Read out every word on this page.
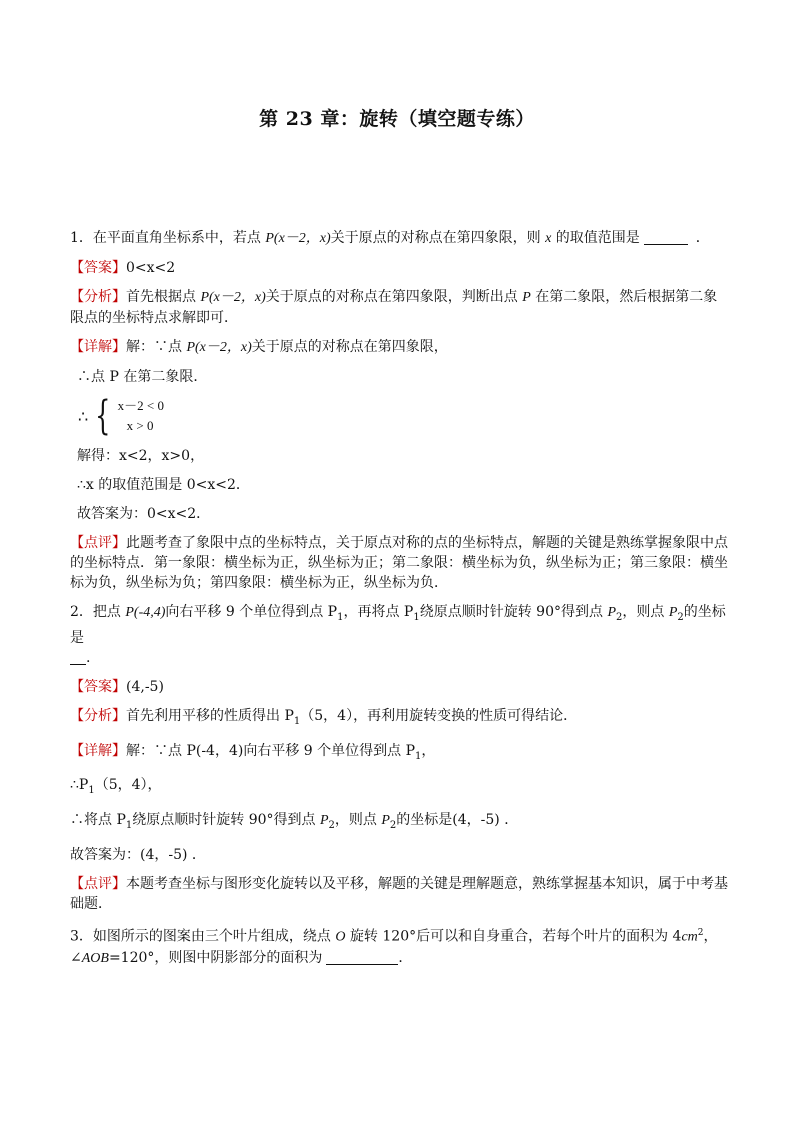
第 23 章：旋转（填空题专练）
1．在平面直角坐标系中，若点 P(x－2，x)关于原点的对称点在第四象限，则 x 的取值范围是	．
【答案】0<x<2
【分析】首先根据点 P(x－2，x)关于原点的对称点在第四象限，判断出点 P 在第二象限，然后根据第二象限点的坐标特点求解即可．
【详解】解：∵点 P(x－2，x)关于原点的对称点在第四象限，
∴点 P 在第二象限．
∴ { x－2 < 0
x > 0
解得：x<2，x>0，
∴x 的取值范围是 0<x<2．
故答案为：0<x<2．
【点评】此题考查了象限中点的坐标特点，关于原点对称的点的坐标特点，解题的关键是熟练掌握象限中点的坐标特点．第一象限：横坐标为正，纵坐标为正；第二象限：横坐标为负，纵坐标为正；第三象限：横坐标为负，纵坐标为负；第四象限：横坐标为正，纵坐标为负．
2．把点 P(-4,4)向右平移 9 个单位得到点 $P_1$，再将点 $P_1$绕原点顺时针旋转 90°得到点 $P_2$，则点 $P_2$的坐标是
.
【答案】(4,-5)
【分析】首先利用平移的性质得出 $P_1(5$，4），再利用旋转变换的性质可得结论．
【详解】解：∵点 P(-4，4)向右平移 9 个单位得到点 $P_1$，
$\therefore P_1(5$，4），
∴将点 $P_1$绕原点顺时针旋转 90°得到点 $P_2$，则点 $P_2$的坐标是(4，-5) ．
故答案为：(4，-5) ．
【点评】本题考查坐标与图形变化旋转以及平移，解题的关键是理解题意，熟练掌握基本知识，属于中考基础题．
3．如图所示的图案由三个叶片组成，绕点 O 旋转 120°后可以和自身重合，若每个叶片的面积为 $4cm^2$，∠AOB=120°，则图中阴影部分的面积为	．
